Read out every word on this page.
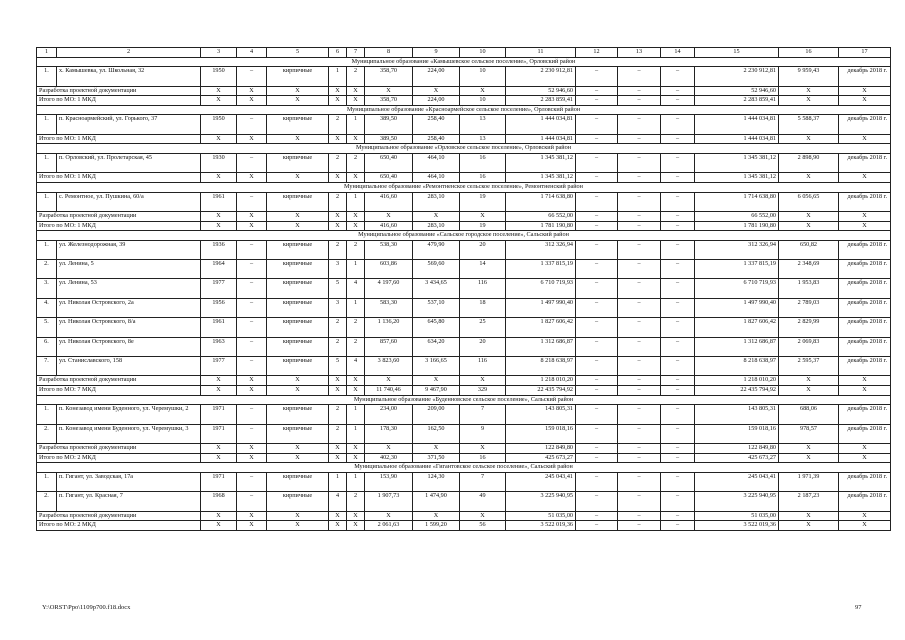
1	2	3	4	5	6	7	8	9	10	11	12	13	14	15	16	17
Муниципальное образование «Камышевское сельское поселение», Орловский район																
1.	х. Камышевка, ул. Школьная, 32	1950	–	кирпичные	1	2	358,70	224,00	10	2 230 912,81	–	–	–	2 230 912,81	9 959,43	декабрь 2018 г.
Разработка проектной документации		X	X	X	X	X	X	X	X	52 946,60	–	–	–	52 946,60	X	X
Итого по МО: 1 МКД		X	X	X	X	X	358,70	224,00	10	2 283 859,41	–	–	–	2 283 859,41	X	X
Муниципальное образование «Красноармейское сельское поселение», Орловский район																
1.	п. Красноармейский, ул. Горького, 37	1950	–	кирпичные	2	1	389,50	258,40	13	1 444 034,81	–	–	–	1 444 034,81	5 588,37	декабрь 2018 г.
Итого по МО: 1 МКД		X	X	X	X	X	389,50	258,40	13	1 444 034,81	–	–	–	1 444 034,81	X	X
Муниципальное образование «Орловское сельское поселение», Орловский район																
1.	п. Орловский, ул. Пролетарская, 45	1930	–	кирпичные	2	2	650,40	464,10	16	1 345 381,12	–	–	–	1 345 381,12	2 898,90	декабрь 2018 г.
Итого по МО: 1 МКД		X	X	X	X	X	650,40	464,10	16	1 345 381,12	–	–	–	1 345 381,12	X	X
Муниципальное образование «Ремонтненское сельское поселение», Ремонтненский район																
1.	с. Ремонтное, ул. Пушкина, 60/a	1961	–	кирпичные	2	1	416,60	283,10	19	1 714 638,80	–	–	–	1 714 638,80	6 056,65	декабрь 2018 г.
Разработка проектной документации		X	X	X	X	X	X	X	X	66 552,00	–	–	–	66 552,00	X	X
Итого по МО: 1 МКД		X	X	X	X	X	416,60	283,10	19	1 781 190,80	–	–	–	1 781 190,80	X	X
Муниципальное образование «Сальское городское поселение», Сальский район																
1.	ул. Железнодорожная, 39	1936	–	кирпичные	2	2	538,30	479,90	20	312 326,94	–	–	–	312 326,94	650,82	декабрь 2018 г.
2.	ул. Ленина, 5	1964	–	кирпичные	3	1	603,86	569,60	14	1 337 815,19	–	–	–	1 337 815,19	2 348,69	декабрь 2018 г.
3.	ул. Ленина, 53	1977	–	кирпичные	5	4	4 197,60	3 434,65	116	6 710 719,93	–	–	–	6 710 719,93	1 953,83	декабрь 2018 г.
4.	ул. Николая Островского, 2а	1956	–	кирпичные	3	1	583,30	537,10	18	1 497 990,40	–	–	–	1 497 990,40	2 789,03	декабрь 2018 г.
5.	ул. Николая Островского, 8/a	1961	–	кирпичные	2	2	1 136,20	645,80	25	1 827 606,42	–	–	–	1 827 606,42	2 829,99	декабрь 2018 г.
6.	ул. Николая Островского, 8е	1963	–	кирпичные	2	2	857,60	634,20	20	1 312 686,87	–	–	–	1 312 686,87	2 069,83	декабрь 2018 г.
7.	ул. Станиславского, 158	1977	–	кирпичные	5	4	3 823,60	3 166,65	116	8 218 638,97	–	–	–	8 218 638,97	2 595,37	декабрь 2018 г.
Разработка проектной документации		X	X	X	X	X	X	X	X	1 218 010,20	–	–	–	1 218 010,20	X	X
Итого по МО: 7 МКД		X	X	X	X	X	11 740,46	9 467,90	329	22 435 794,92	–	–	–	22 435 794,92	X	X
Муниципальное образование «Буденновское сельское поселение», Сальский район																
1.	п. Конезавод имени Буденного, ул. Черемушки, 2	1971	–	кирпичные	2	1	234,00	209,00	7	143 805,31	–	–	–	143 805,31	688,06	декабрь 2018 г.
2.	п. Конезавод имени Буденного, ул. Черемушки, 3	1971	–	кирпичные	2	1	178,30	162,50	9	159 018,16	–	–	–	159 018,16	978,57	декабрь 2018 г.
Разработка проектной документации		X	X	X	X	X	X	X	X	122 849,80	–	–	–	122 849,80	X	X
Итого по МО: 2 МКД		X	X	X	X	X	402,30	371,50	16	425 673,27	–	–	–	425 673,27	X	X
Муниципальное образование «Гигантовское сельское поселение», Сальский район																
1.	п. Гигант, ул. Заводская, 17а	1971	–	кирпичные	1	1	153,90	124,30	7	245 043,41	–	–	–	245 043,41	1 971,39	декабрь 2018 г.
2.	п. Гигант, ул. Красная, 7	1968	–	кирпичные	4	2	1 907,73	1 474,90	49	3 225 940,95	–	–	–	3 225 940,95	2 187,23	декабрь 2018 г.
Разработка проектной документации		X	X	X	X	X	X	X	X	51 035,00	–	–	–	51 035,00	X	X
Итого по МО: 2 МКД		X	X	X	X	X	2 061,63	1 599,20	56	3 522 019,36	–	–	–	3 522 019,36	X	X
Y:\ORST\Ppo\1109p700.f18.docx	97
